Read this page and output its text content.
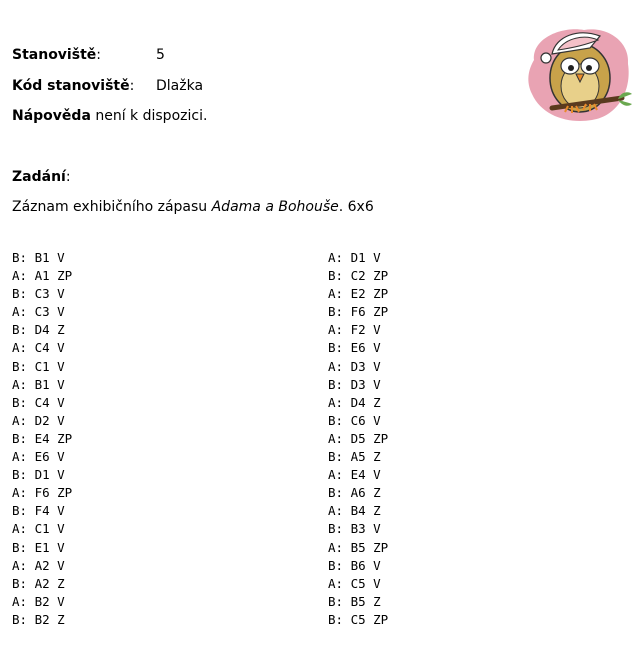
Stanoviště:	5
Kód stanoviště: Dlažka
Nápověda není k dispozici.
Zadání:
Záznam exhibičního zápasu Adama a Bohouše. 6x6
B: B1 V
A: A1 ZP
B: C3 V
A: C3 V
B: D4 Z
A: C4 V
B: C1 V
A: B1 V
B: C4 V
A: D2 V
B: E4 ZP
A: E6 V
B: D1 V
A: F6 ZP
B: F4 V
A: C1 V
B: E1 V
A: A2 V
B: A2 Z
A: B2 V
B: B2 Z
A: D1 V
B: C2 ZP
A: E2 ZP
B: F6 ZP
A: F2 V
B: E6 V
A: D3 V
B: D3 V
A: D4 Z
B: C6 V
A: D5 ZP
B: A5 Z
A: E4 V
B: A6 Z
A: B4 Z
B: B3 V
A: B5 ZP
B: B6 V
A: C5 V
B: B5 Z
B: C5 ZP
